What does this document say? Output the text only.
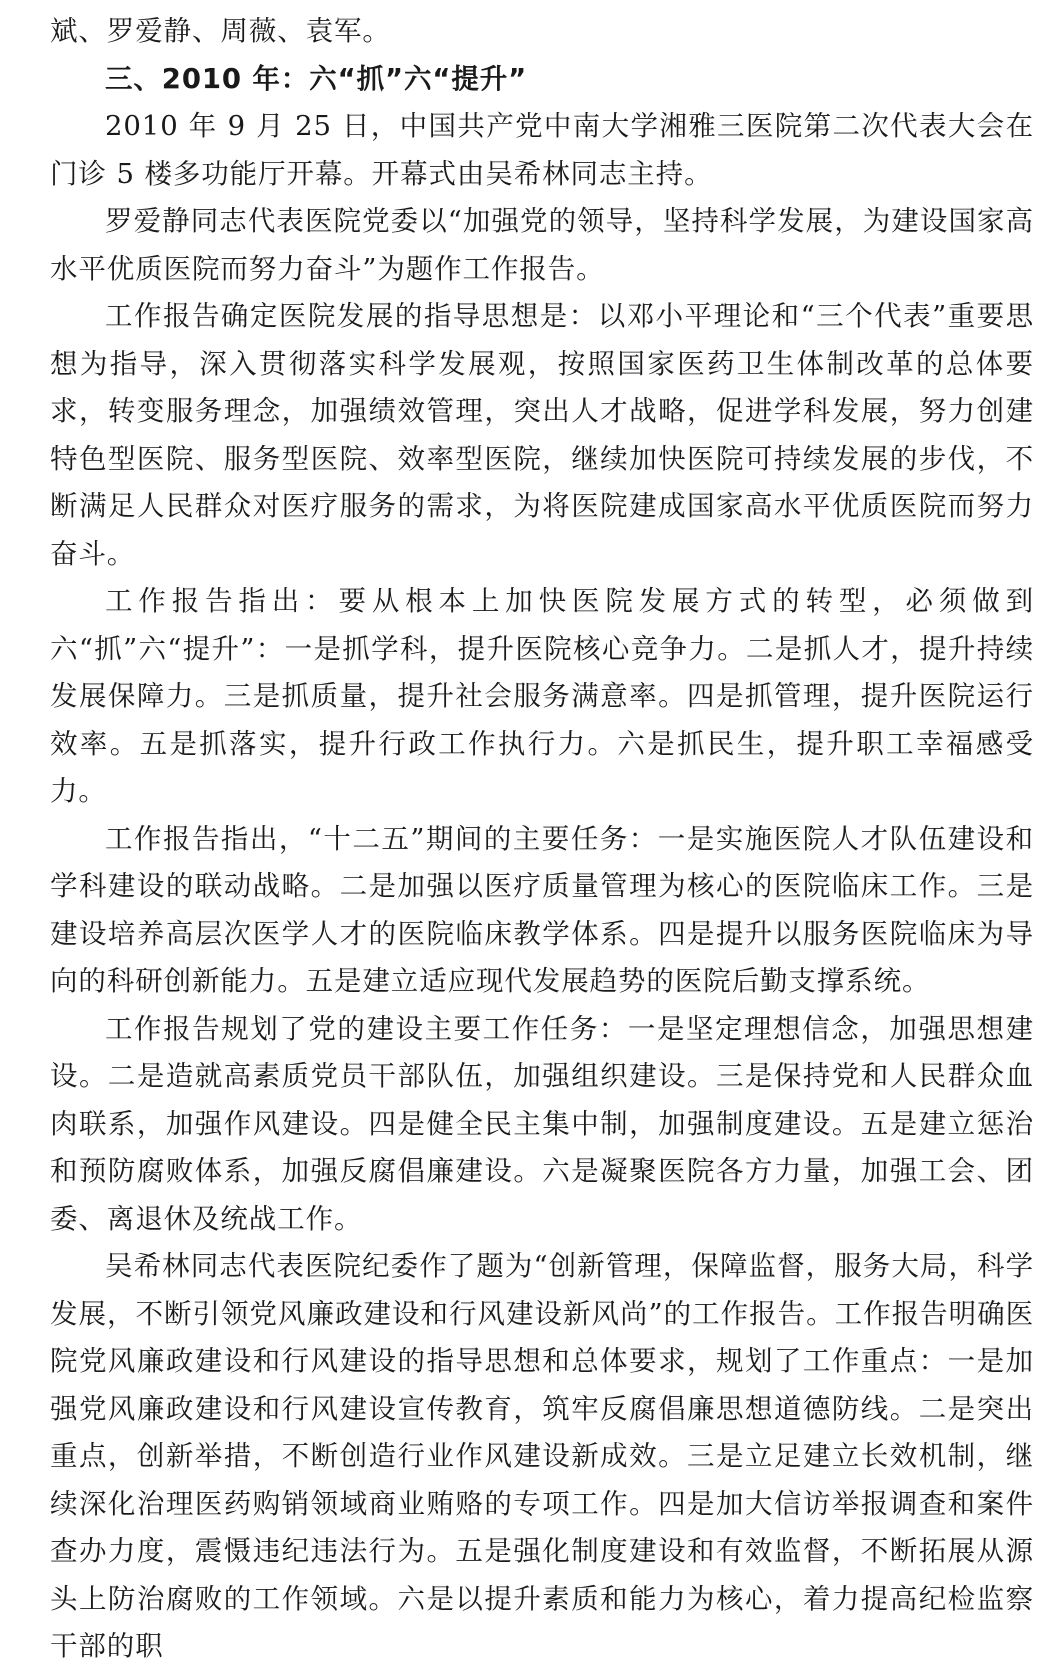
斌、罗爱静、周薇、袁军。

三、2010 年：六“抓”六“提升”

2010 年 9 月 25 日，中国共产党中南大学湘雅三医院第二次代表大会在门诊 5 楼多功能厅开幕。开幕式由吴希林同志主持。

罗爱静同志代表医院党委以“加强党的领导，坚持科学发展，为建设国家高水平优质医院而努力奋斗”为题作工作报告。

工作报告确定医院发展的指导思想是：以邓小平理论和“三个代表”重要思想为指导，深入贯彻落实科学发展观，按照国家医药卫生体制改革的总体要求，转变服务理念，加强绩效管理，突出人才战略，促进学科发展，努力创建特色型医院、服务型医院、效率型医院，继续加快医院可持续发展的步伐，不断满足人民群众对医疗服务的需求，为将医院建成国家高水平优质医院而努力奋斗。

工作报告指出：要从根本上加快医院发展方式的转型，必须做到六“抓”六“提升”：一是抓学科，提升医院核心竞争力。二是抓人才，提升持续发展保障力。三是抓质量，提升社会服务满意率。四是抓管理，提升医院运行效率。五是抓落实，提升行政工作执行力。六是抓民生，提升职工幸福感受力。

工作报告指出，“十二五”期间的主要任务：一是实施医院人才队伍建设和学科建设的联动战略。二是加强以医疗质量管理为核心的医院临床工作。三是建设培养高层次医学人才的医院临床教学体系。四是提升以服务医院临床为导向的科研创新能力。五是建立适应现代发展趋势的医院后勤支撑系统。

工作报告规划了党的建设主要工作任务：一是坚定理想信念，加强思想建设。二是造就高素质党员干部队伍，加强组织建设。三是保持党和人民群众血肉联系，加强作风建设。四是健全民主集中制，加强制度建设。五是建立惩治和预防腐败体系，加强反腐倡廉建设。六是凝聚医院各方力量，加强工会、团委、离退休及统战工作。

吴希林同志代表医院纪委作了题为“创新管理，保障监督，服务大局，科学发展，不断引领党风廉政建设和行风建设新风尚”的工作报告。工作报告明确医院党风廉政建设和行风建设的指导思想和总体要求，规划了工作重点：一是加强党风廉政建设和行风建设宣传教育，筑牢反腐倡廉思想道德防线。二是突出重点，创新举措，不断创造行业作风建设新成效。三是立足建立长效机制，继续深化治理医药购销领域商业贿赂的专项工作。四是加大信访举报调查和案件查办力度，震慑违纪违法行为。五是强化制度建设和有效监督，不断拓展从源头上防治腐败的工作领域。六是以提升素质和能力为核心，着力提高纪检监察干部的职
